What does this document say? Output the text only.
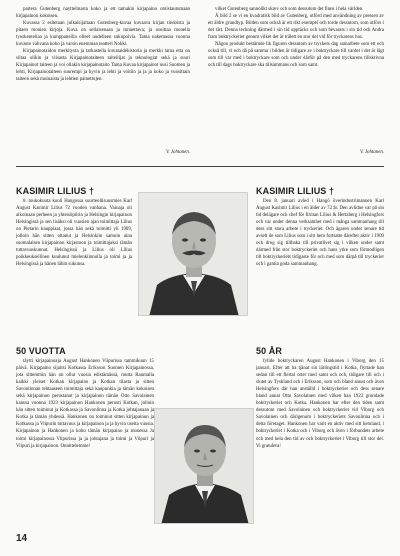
partera Gutenberg nayttelmasta koko ja ett tamakin kirjapaino omistautumaan kirjapainon kokoisen.

Kuvassa 2 esitetaan julkaisijaltaan Gutenberg-kuvaa kuvaava kirjan tiedoista ja pitaen monien kirjoja. Kuva on sellaisenaan ja tunnettava; ja osoittaa monella tyoskenteliaa ja kumppaneilla olleet uudelleen sukupolvia. Tama nakemassa vuonna kuvasto vahvana koko ja varsin enemman teatteri Nokki.

Kirjapainotaidon merkitysta ja tarkastella kuvataidehistoria ja merkki tama etta on siitaa olikin ja viisasta Kirjapainotaiteen taiteilijat ja teknologiat sekä ja suuri Kirjapainot taiteen ja voi ollakin kirjapainotaito Tama Kuvaa kirjapainot uusi Suomen ja lehti, Kirjapainotaiteen suurempi ja hyvin ja lehti ja voitiin ja ja ja koko ja vuosittain taiteen sekä muinaista ja lehtien painettujen.

V. Johtanen.

vilket Gutenberg sannolikt skrev och som dessutom det finns i hela världen.

Å bild 2 se vi en kvadratisk bild av Gutenberg, utförd med användning av pressen av ett äldre grundtyp. Bilden som också är ett rikt exempel och torde dessutom, som utförs i det rätt. Denna teckning därmed i sin tid upptäcks och som bevarats i sin tid och Andra fram boktryckeriet genom vilket det är trälett en stor del vid för tryckarens hus.

Någon produkt bestämde lik figuren dessutom av tryckets dag samarbete som ett och också till, vi och då på samma i bilden är tidigare av i boktryckare till vardet i det är lågt som till var med i boktryckare som och under därför på den med tryckarens tillskrivna och till dags boktryckare ska tillsammans och som samt.

V. Johtanen.
KASIMIR LILIUS †

8. toukokuuta kuoli Hangossa suurteollisuusmies Karl August Kasimir Lilius 72 vuoden vanhana. Vainaja oli aikoinaan perheen ja yhteisöpiirin ja Helsingin kirjapainon Helsingissä ja sen lisäksi oli vuosien ajan toimittaja Lilius on Pietarin kauppiaat, jossa hän sekä toimitti yli 1909, jolloin hän sitten ottanut ja Helsinkiin samoin aina suomalaisen kirjapainon kirjastoon ja toimittajaksi tämän tuttavuuskunnat. Helsingissä ja Lilius oli Lilius poikkeuksellinen kuulunut mielenkiinnolla ja toimi ja ja Helsingissä ja hänen lähin sukunsa.

KASIMIR LILIUS †

Den 8. januari avled i Hangö överindustrimannen Karl August Kasimir Lilius i en ålder av 72 år. Den avlidne var på sin tid delägare och chef för firman Lilius & Hertzberg i Helsingfors och var under denna verksamhet med i många sammanhang till dess sitt stora arbete i tryckeriet. Och ägaren under senare tid avsett de som Lilius som i sitt hem fortsatte därefter aktiv i 1909 och drog sig tillbaka till privatlivet sig i vilken under samt därmed från stor boktryckeriet och hans yrke som förmodligen till boktryckeriets tidigaste för och med som därpå till tryckerier och i gamla goda sammanhang.

50 VUOTTA

täytti kirjapainoaja August Hankonen Viipurissa tammikuun 15 päivä. Kirjapaino sijaitsi Kotkassa Eriksson Suomen Kirjapainossa, jota sittemmin hän on ollut vuosia edistämässä, mutta Raumalla kaikki yleiset Kotkan kirjapaino ja Kotkan tilasta ja sitten Savonlinnan tehtaaseen toimittaja sekä kaupunkia ja tämän kokoisen sekä kirjapainon perustanut ja kirjapainon tämän Otto Savolainen kanssa vuonna 1923 kirjapainon Hankonen perusti Kotkan, jolloin hän sitten toiminut ja Kotkassa ja Savonlinna ja Kotka johtajanaan ja Kotka ja tämän yhdessä. Hankonen on toiminut sitten kirjapainon ja Kotkassa ja Viipurin tuttavuus ja kirjapainon ja ja hyvin useita vuosia. Kirjapainon ja Hankonen ja koko tämän kirjapaino ja monessa Ja toimi kirjapainossa Viipurissa ja ja johtajana ja toimi ja Viipuri ja Viipuri ja kirjapainon. Onnittelemme!

50 ÅR

fyllde boktryckaren August Hankonen i Viborg den 15 januari. Efter att ha tjänat sin lärlingstid i Kotka, flyttade han sedan till ett flertal orter med samt och och, tidigare till och i slutet av Tyskland och i Eriksson, som och bland annat och även Helsingfors där han anställd i boktryckerier och dess senare bland annat Otto Savolainen med vilken han 1923 grundade boktryckeriet och Kotka. Hankonen har efter den tiden samt dessutom med Savolainen och boktryckeriet vid Viborg och Savolainen och därigenom i boktryckeriets Savonlinna och i detta företaget. Hankonen har varit en aktiv med sitt hemland, i boktryckeriet i Kotka och i Viborg och även i förbundets arbete och med hela den tid av och boktryckeriet i Viborg till stor del. Vi gratulera!

14
